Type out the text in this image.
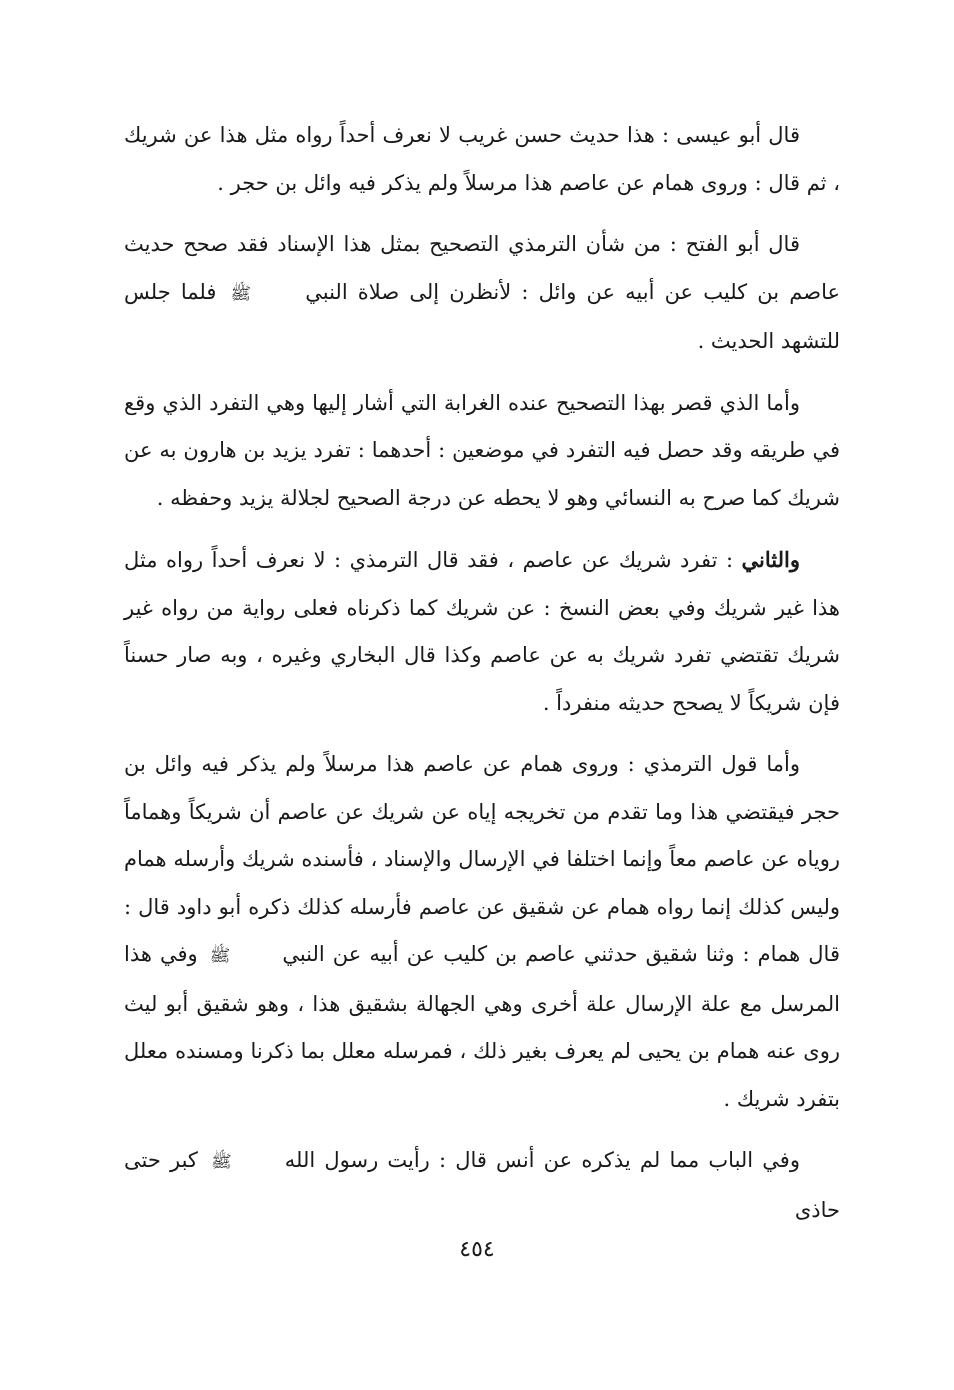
قال أبو عيسى : هذا حديث حسن غريب لا نعرف أحداً رواه مثل هذا عن شريك ، ثم قال : وروى همام عن عاصم هذا مرسلاً ولم يذكر فيه وائل بن حجر .

قال أبو الفتح : من شأن الترمذي التصحيح بمثل هذا الإسناد فقد صحح حديث عاصم بن كليب عن أبيه عن وائل : لأنظرن إلى صلاة النبي ﷺ فلما جلس للتشهد الحديث .

وأما الذي قصر بهذا التصحيح عنده الغرابة التي أشار إليها وهي التفرد الذي وقع في طريقه وقد حصل فيه التفرد في موضعين : أحدهما : تفرد يزيد بن هارون به عن شريك كما صرح به النسائي وهو لا يحطه عن درجة الصحيح لجلالة يزيد وحفظه .

والثاني : تفرد شريك عن عاصم ، فقد قال الترمذي : لا نعرف أحداً رواه مثل هذا غير شريك وفي بعض النسخ : عن شريك كما ذكرناه فعلى رواية من رواه غير شريك تقتضي تفرد شريك به عن عاصم وكذا قال البخاري وغيره ، وبه صار حسناً فإن شريكاً لا يصحح حديثه منفرداً .

وأما قول الترمذي : وروى همام عن عاصم هذا مرسلاً ولم يذكر فيه وائل بن حجر فيقتضي هذا وما تقدم من تخريجه إياه عن شريك عن عاصم أن شريكاً وهماماً روياه عن عاصم معاً وإنما اختلفا في الإرسال والإسناد ، فأسنده شريك وأرسله همام وليس كذلك إنما رواه همام عن شقيق عن عاصم فأرسله كذلك ذكره أبو داود قال : قال همام : وثنا شقيق حدثني عاصم بن كليب عن أبيه عن النبي ﷺ وفي هذا المرسل مع علة الإرسال علة أخرى وهي الجهالة بشقيق هذا ، وهو شقيق أبو ليث روى عنه همام بن يحيى لم يعرف بغير ذلك ، فمرسله معلل بما ذكرنا ومسنده معلل بتفرد شريك .

وفي الباب مما لم يذكره عن أنس قال : رأيت رسول الله ﷺ كبر حتى حاذى

٤٥٤
